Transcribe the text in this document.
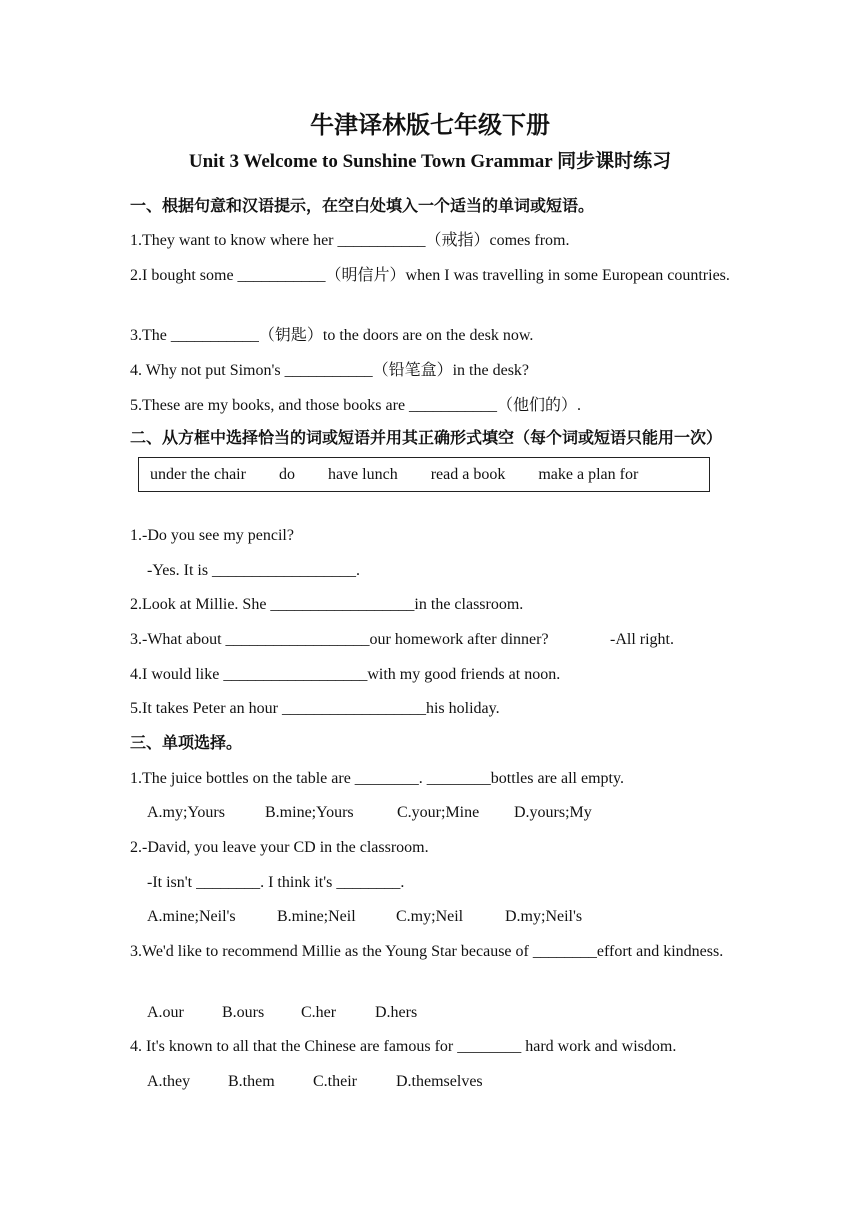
牛津译林版七年级下册
Unit 3 Welcome to Sunshine Town Grammar 同步课时练习
一、根据句意和汉语提示，在空白处填入一个适当的单词或短语。
1.They want to know where her ___________（戒指）comes from.
2.I bought some ___________（明信片）when I was travelling in some European countries.
3.The ___________（钥匙）to the doors are on the desk now.
4. Why not put Simon's ___________（铅笔盒）in the desk?
5.These are my books, and those books are ___________（他们的）.
二、从方框中选择恰当的词或短语并用其正确形式填空（每个词或短语只能用一次）
under the chair do have lunch read a book make a plan for
1.-Do you see my pencil?
-Yes. It is __________________.
2.Look at Millie. She __________________in the classroom.
3.-What about __________________our homework after dinner?	-All right.
4.I would like __________________with my good friends at noon.
5.It takes Peter an hour __________________his holiday.
三、单项选择。
1.The juice bottles on the table are ________. ________bottles are all empty.
A.my;Yours	B.mine;Yours	C.your;Mine D.yours;My
2.-David, you leave your CD in the classroom.
-It isn't ________. I think it's ________.
A.mine;Neil's	B.mine;Neil	C.my;Neil	D.my;Neil's
3.We'd like to recommend Millie as the Young Star because of ________effort and kindness.
A.our B.ours C.her D.hers
4. It's known to all that the Chinese are famous for ________ hard work and wisdom.
A.they B.them C.their D.themselves
